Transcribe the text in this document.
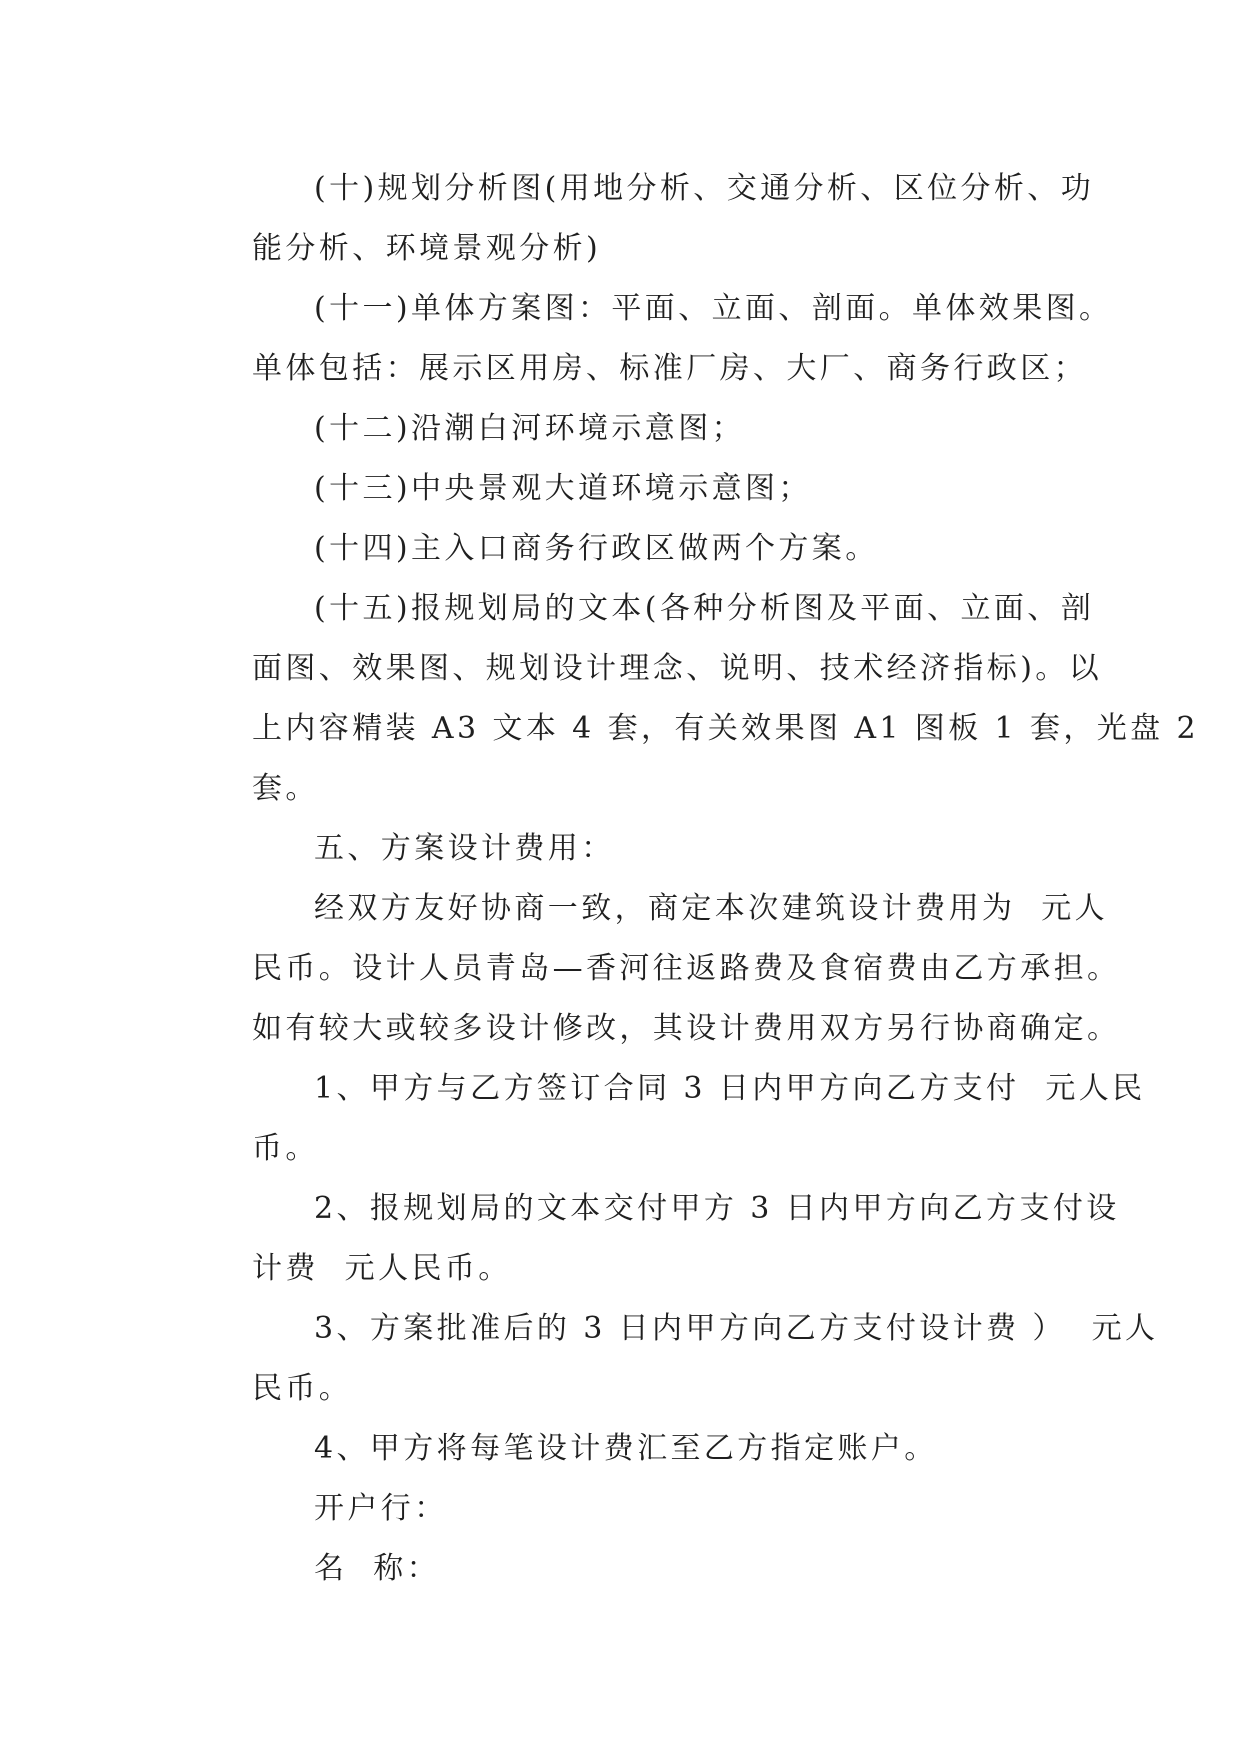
(十)规划分析图(用地分析、交通分析、区位分析、功
能分析、环境景观分析)
(十一)单体方案图：平面、立面、剖面。单体效果图。
单体包括：展示区用房、标准厂房、大厂、商务行政区；
(十二)沿潮白河环境示意图；
(十三)中央景观大道环境示意图；
(十四)主入口商务行政区做两个方案。
(十五)报规划局的文本(各种分析图及平面、立面、剖
面图、效果图、规划设计理念、说明、技术经济指标)。以
上内容精装 A3 文本 4 套，有关效果图 A1 图板 1 套，光盘 2
套。
五、方案设计费用：
经双方友好协商一致，商定本次建筑设计费用为  元人
民币。设计人员青岛—香河往返路费及食宿费由乙方承担。
如有较大或较多设计修改，其设计费用双方另行协商确定。
1、甲方与乙方签订合同 3 日内甲方向乙方支付  元人民
币。
2、报规划局的文本交付甲方 3 日内甲方向乙方支付设
计费  元人民币。
3、方案批准后的 3 日内甲方向乙方支付设计费 ）  元人
民币。
4、甲方将每笔设计费汇至乙方指定账户。
开户行：
名  称：
